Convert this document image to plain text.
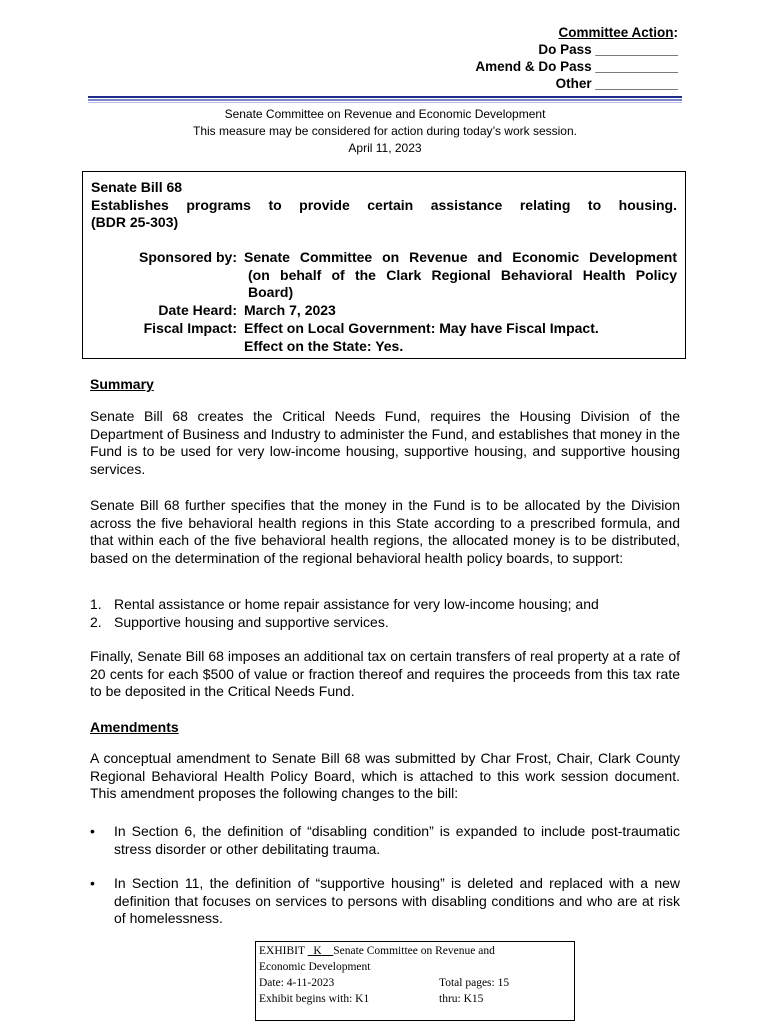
Committee Action:
Do Pass ___________
Amend & Do Pass ___________
Other ___________
Senate Committee on Revenue and Economic Development
This measure may be considered for action during today’s work session.
April 11, 2023
Senate Bill 68
Establishes programs to provide certain assistance relating to housing.
(BDR 25-303)
Sponsored by: Senate Committee on Revenue and Economic Development
(on behalf of the Clark Regional Behavioral Health Policy
Board)
Date Heard: March 7, 2023
Fiscal Impact: Effect on Local Government: May have Fiscal Impact.
Effect on the State: Yes.
Summary
Senate Bill 68 creates the Critical Needs Fund, requires the Housing Division of the Department of Business and Industry to administer the Fund, and establishes that money in the Fund is to be used for very low-income housing, supportive housing, and supportive housing services.
Senate Bill 68 further specifies that the money in the Fund is to be allocated by the Division across the five behavioral health regions in this State according to a prescribed formula, and that within each of the five behavioral health regions, the allocated money is to be distributed, based on the determination of the regional behavioral health policy boards, to support:
1. Rental assistance or home repair assistance for very low-income housing; and
2. Supportive housing and supportive services.
Finally, Senate Bill 68 imposes an additional tax on certain transfers of real property at a rate of 20 cents for each $500 of value or fraction thereof and requires the proceeds from this tax rate to be deposited in the Critical Needs Fund.
Amendments
A conceptual amendment to Senate Bill 68 was submitted by Char Frost, Chair, Clark County Regional Behavioral Health Policy Board, which is attached to this work session document. This amendment proposes the following changes to the bill:
• In Section 6, the definition of “disabling condition” is expanded to include post-traumatic stress disorder or other debilitating trauma.
• In Section 11, the definition of “supportive housing” is deleted and replaced with a new definition that focuses on services to persons with disabling conditions and who are at risk of homelessness.
EXHIBIT   K Senate Committee on Revenue and
Economic Development
Date: 4-11-2023	Total pages: 15
Exhibit begins with: K1	thru: K15
